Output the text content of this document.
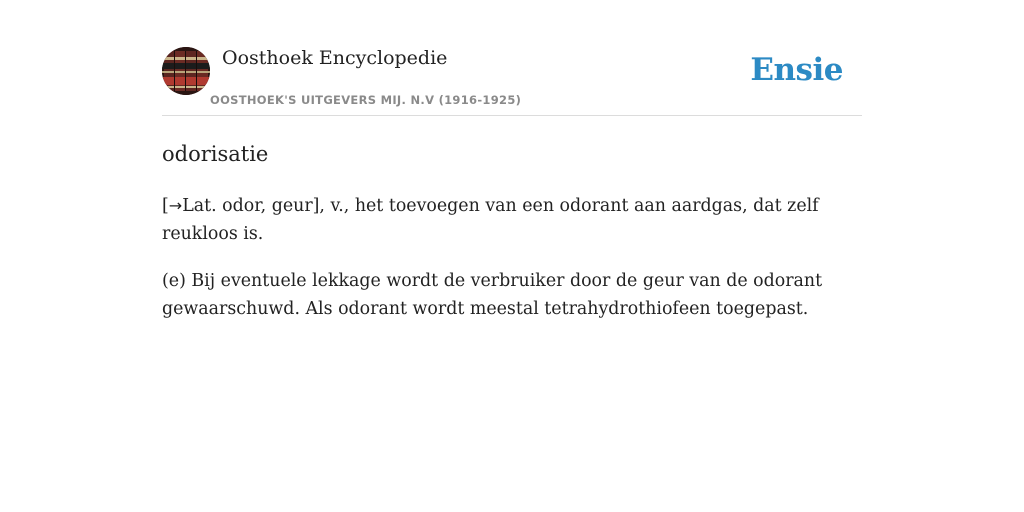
Oosthoek Encyclopedie
OOSTHOEK'S UITGEVERS MIJ. N.V (1916-1925)
Ensie
odorisatie

[→Lat. odor, geur], v., het toevoegen van een odorant aan aardgas, dat zelf reukloos is.

(e) Bij eventuele lekkage wordt de verbruiker door de geur van de odorant gewaarschuwd. Als odorant wordt meestal tetrahydrothiofeen toegepast.
